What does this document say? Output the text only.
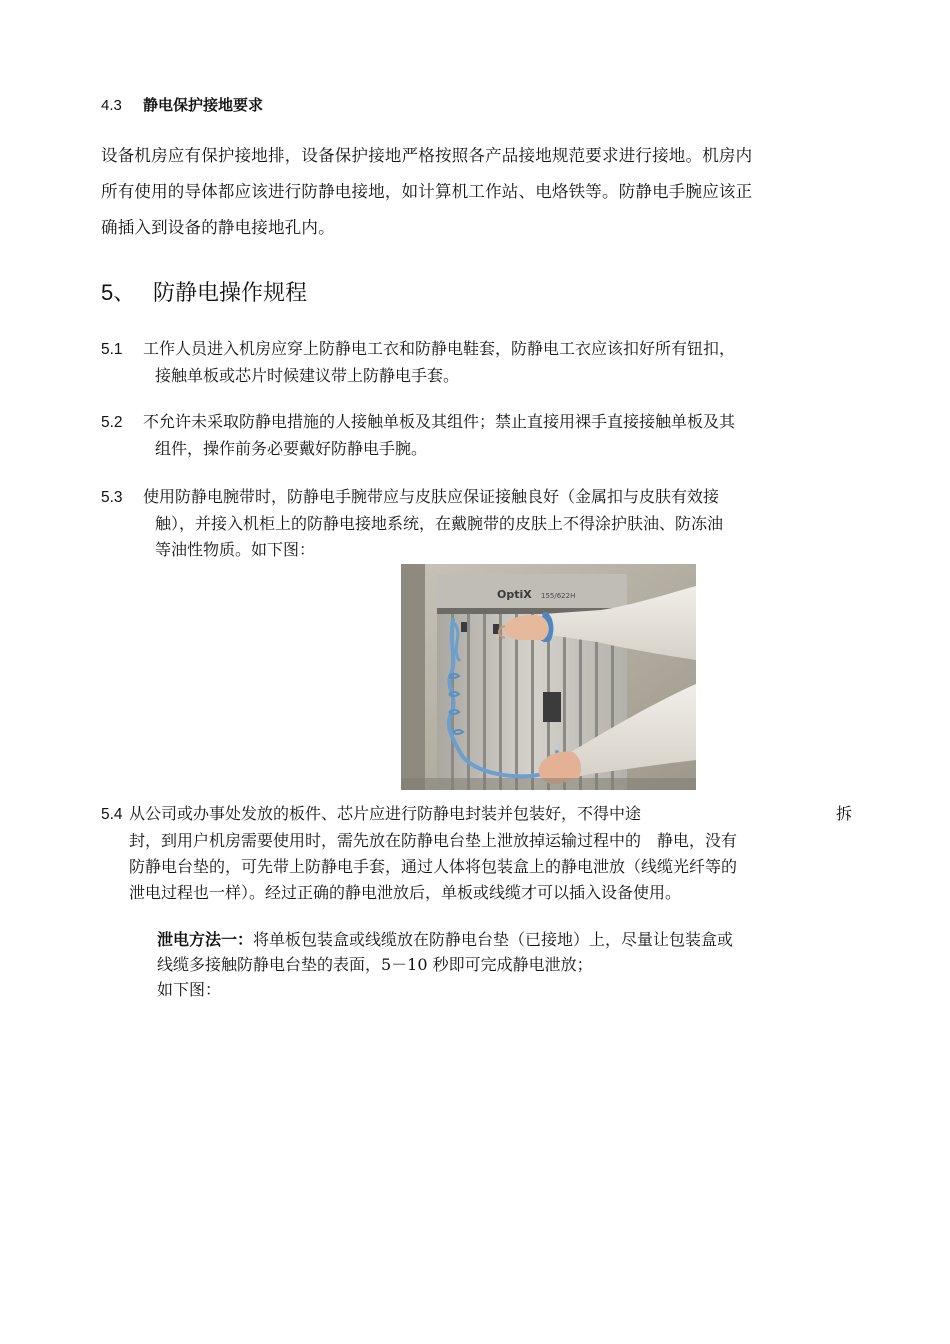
4.3 静电保护接地要求
设备机房应有保护接地排，设备保护接地严格按照各产品接地规范要求进行接地。机房内
所有使用的导体都应该进行防静电接地，如计算机工作站、电烙铁等。防静电手腕应该正
确插入到设备的静电接地孔内。
5、 防静电操作规程
5.1 工作人员进入机房应穿上防静电工衣和防静电鞋套，防静电工衣应该扣好所有钮扣，
接触单板或芯片时候建议带上防静电手套。
5.2 不允许未采取防静电措施的人接触单板及其组件；禁止直接用裸手直接接触单板及其
组件，操作前务必要戴好防静电手腕。
5.3 使用防静电腕带时，防静电手腕带应与皮肤应保证接触良好（金属扣与皮肤有效接
触），并接入机柜上的防静电接地系统，在戴腕带的皮肤上不得涂护肤油、防冻油
等油性物质。如下图：
OptiX 155/622H
5.4 从公司或办事处发放的板件、芯片应进行防静电封装并包装好，不得中途	拆
封，到用户机房需要使用时，需先放在防静电台垫上泄放掉运输过程中的　静电，没有
防静电台垫的，可先带上防静电手套，通过人体将包装盒上的静电泄放（线缆光纤等的
泄电过程也一样）。经过正确的静电泄放后，单板或线缆才可以插入设备使用。
泄电方法一：将单板包装盒或线缆放在防静电台垫（已接地）上，尽量让包装盒或
线缆多接触防静电台垫的表面，5－10 秒即可完成静电泄放；
如下图：
